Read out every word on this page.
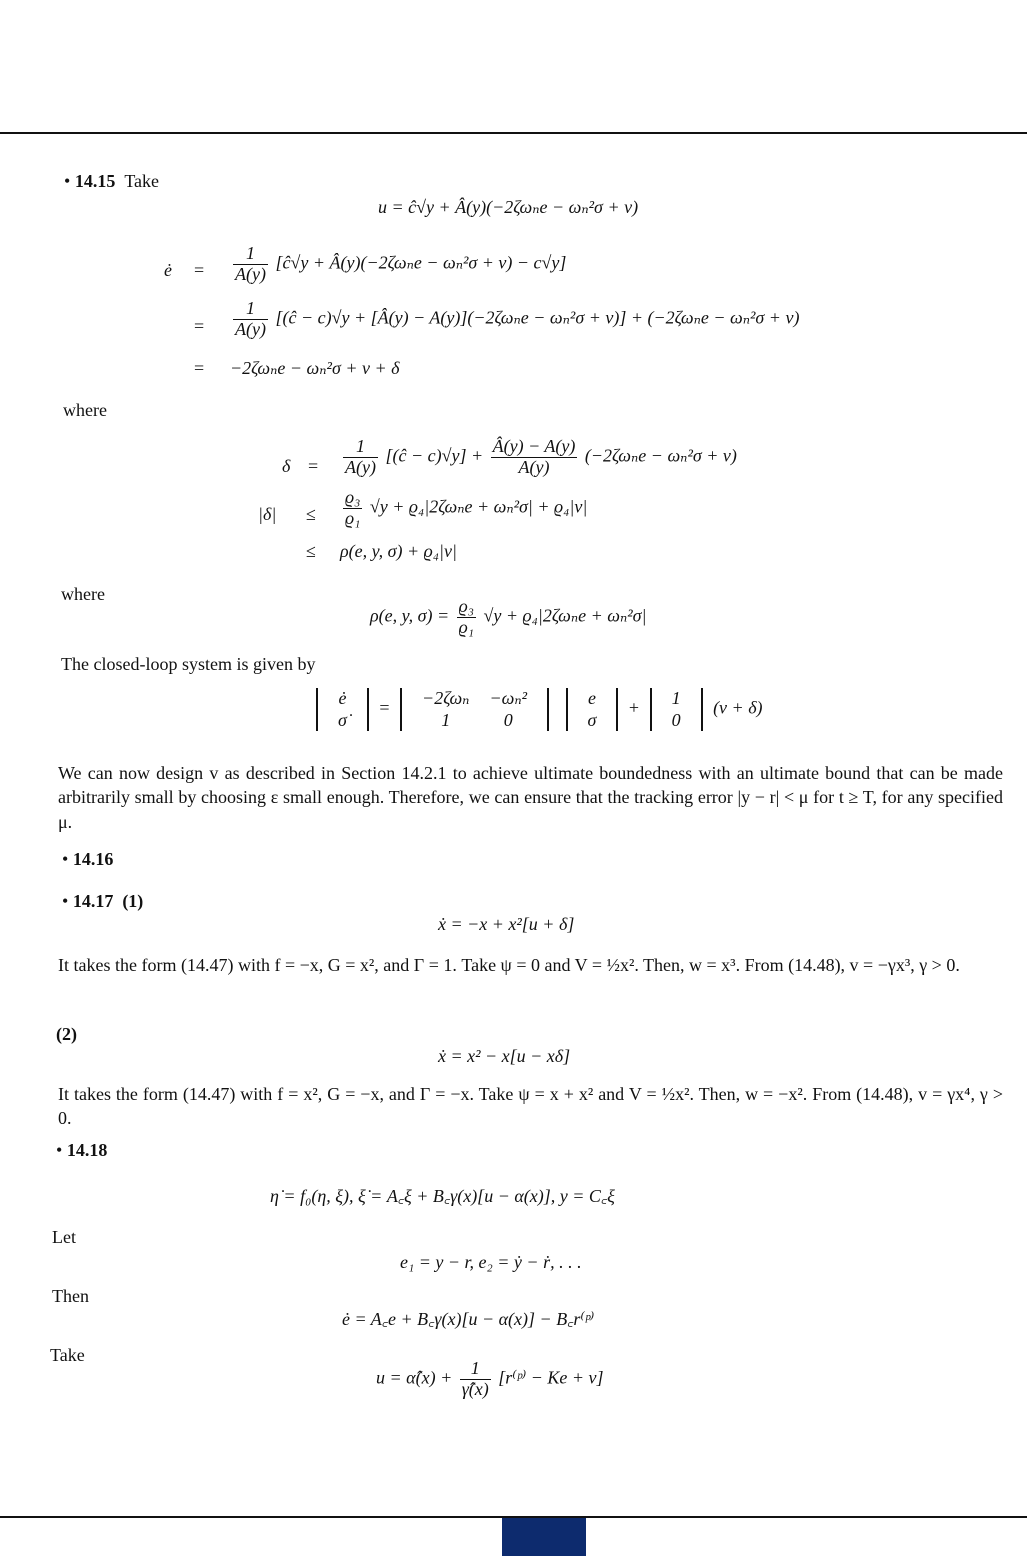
• 14.15 Take
u = ĉ√y + Â(y)(−2ζωₙe − ωₙ²σ + v)
ė = $\frac{1}{A(y)}$ [ĉ√y + Â(y)(−2ζωₙe − ωₙ²σ + v) − c√y]
= $\frac{1}{A(y)}$ [(ĉ − c)√y + [Â(y) − A(y)](−2ζωₙe − ωₙ²σ + v)] + (−2ζωₙe − ωₙ²σ + v)
= −2ζωₙe − ωₙ²σ + v + δ
where
$\delta = \frac{1}{A(y)}$ [(ĉ − $c)√y] + \frac{Â(y) - A(y)}{A(y)} (-2\zeta\omega_ne - \omega_n^2\sigma + v)$
$|\delta| \le \frac{\text{ϱ₃}}{\text{ϱ₁}} √y + ϱ_4|2\zeta\omega_ne + \omega_n^2\sigma| + ϱ_4|v|$
≤ ρ(e, y, σ) + ϱ₄|v|
where
ρ(e, y, $\sigma) = \frac{\text{ϱ₃}}{\text{ϱ₁}} √y + ϱ_4|2\zeta\omega_ne + \omega_n^2\sigma|$
The closed-loop system is given by
ė
σ̇
= −2ζωₙ	−ωₙ²
1	0

e
σ
+ 1
0
(v + δ)
We can now design v as described in Section 14.2.1 to achieve ultimate boundedness with an ultimate bound that can be made arbitrarily small by choosing ε small enough. Therefore, we can ensure that the tracking error |y − r| < μ for t ≥ T, for any specified μ.
• 14.16
• 14.17 (1)
ẋ = −x + x²[u + δ]
It takes the form (14.47) with f = −x, G = x², and Γ = 1. Take ψ = 0 and V = ½x². Then, w = x³. From (14.48), v = −γx³, γ > 0.
(2)
ẋ = x² − x[u − xδ]
It takes the form (14.47) with f = x², G = −x, and Γ = −x. Take ψ = x + x² and V = ½x². Then, w = −x². From (14.48), v = γx⁴, γ > 0.
• 14.18
η̇ = f₀(η, ξ), ξ̇ = A꜀ξ + B꜀γ(x)[u − α(x)], y = C꜀ξ
Let
e₁ = y − r, e₂ = ẏ − ṙ, . . .
Then
ė = A꜀e + B꜀γ(x)[u − α(x)] − B꜀r⁽ᵖ⁾
Take
u = α̂(x) + $\frac{1}{\gammâ(x)}$ [r⁽ᵖ⁾ − Ke + v]
